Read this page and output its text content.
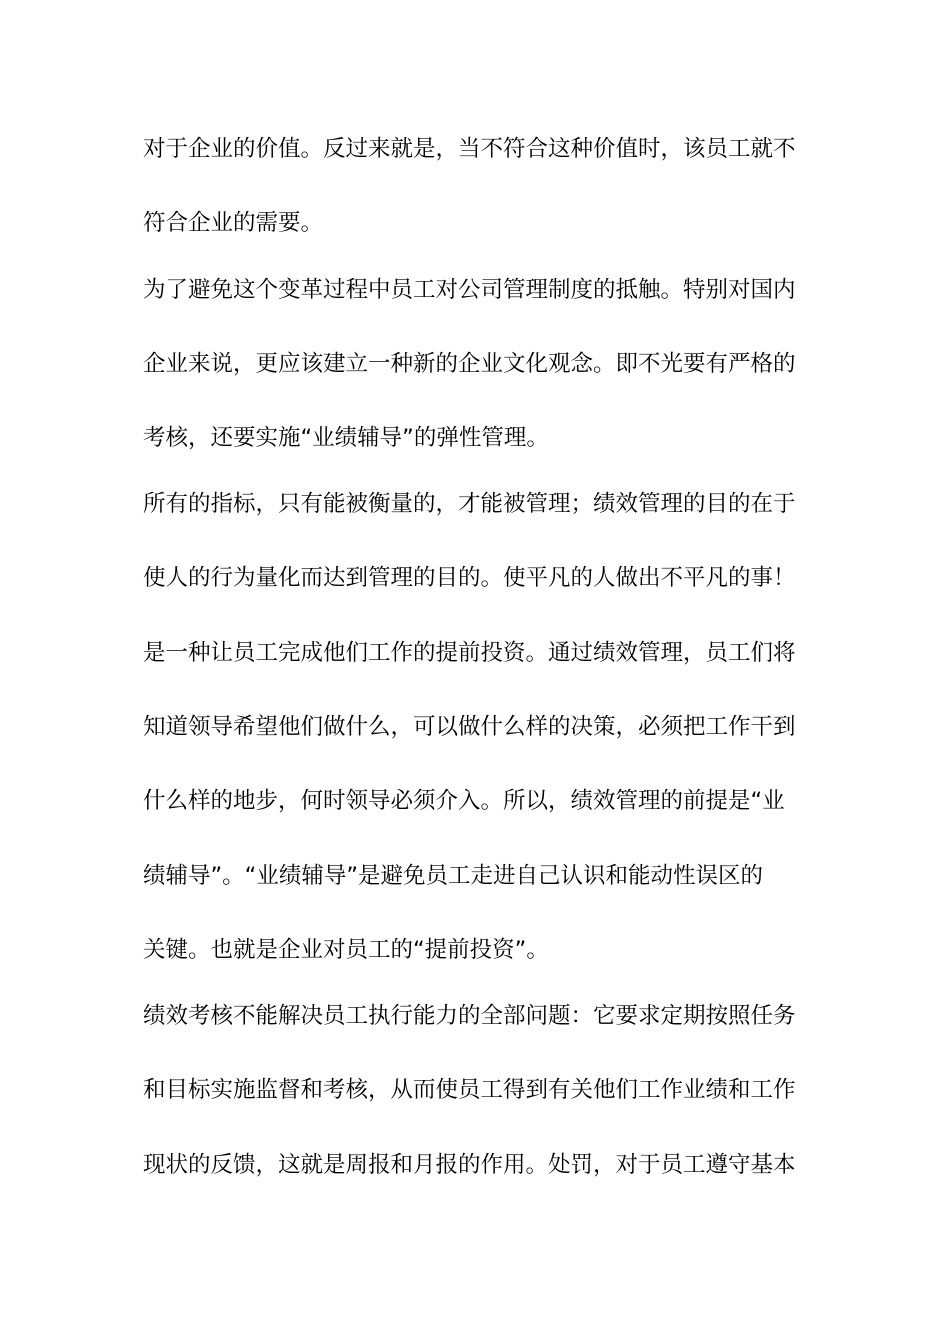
对于企业的价值。反过来就是，当不符合这种价值时，该员工就不
符合企业的需要。
为了避免这个变革过程中员工对公司管理制度的抵触。特别对国内
企业来说，更应该建立一种新的企业文化观念。即不光要有严格的
考核，还要实施“业绩辅导”的弹性管理。
所有的指标，只有能被衡量的，才能被管理；绩效管理的目的在于
使人的行为量化而达到管理的目的。使平凡的人做出不平凡的事！
是一种让员工完成他们工作的提前投资。通过绩效管理，员工们将
知道领导希望他们做什么，可以做什么样的决策，必须把工作干到
什么样的地步，何时领导必须介入。所以，绩效管理的前提是“业
绩辅导”。“业绩辅导”是避免员工走进自己认识和能动性误区的
关键。也就是企业对员工的“提前投资”。
绩效考核不能解决员工执行能力的全部问题：它要求定期按照任务
和目标实施监督和考核，从而使员工得到有关他们工作业绩和工作
现状的反馈，这就是周报和月报的作用。处罚，对于员工遵守基本
